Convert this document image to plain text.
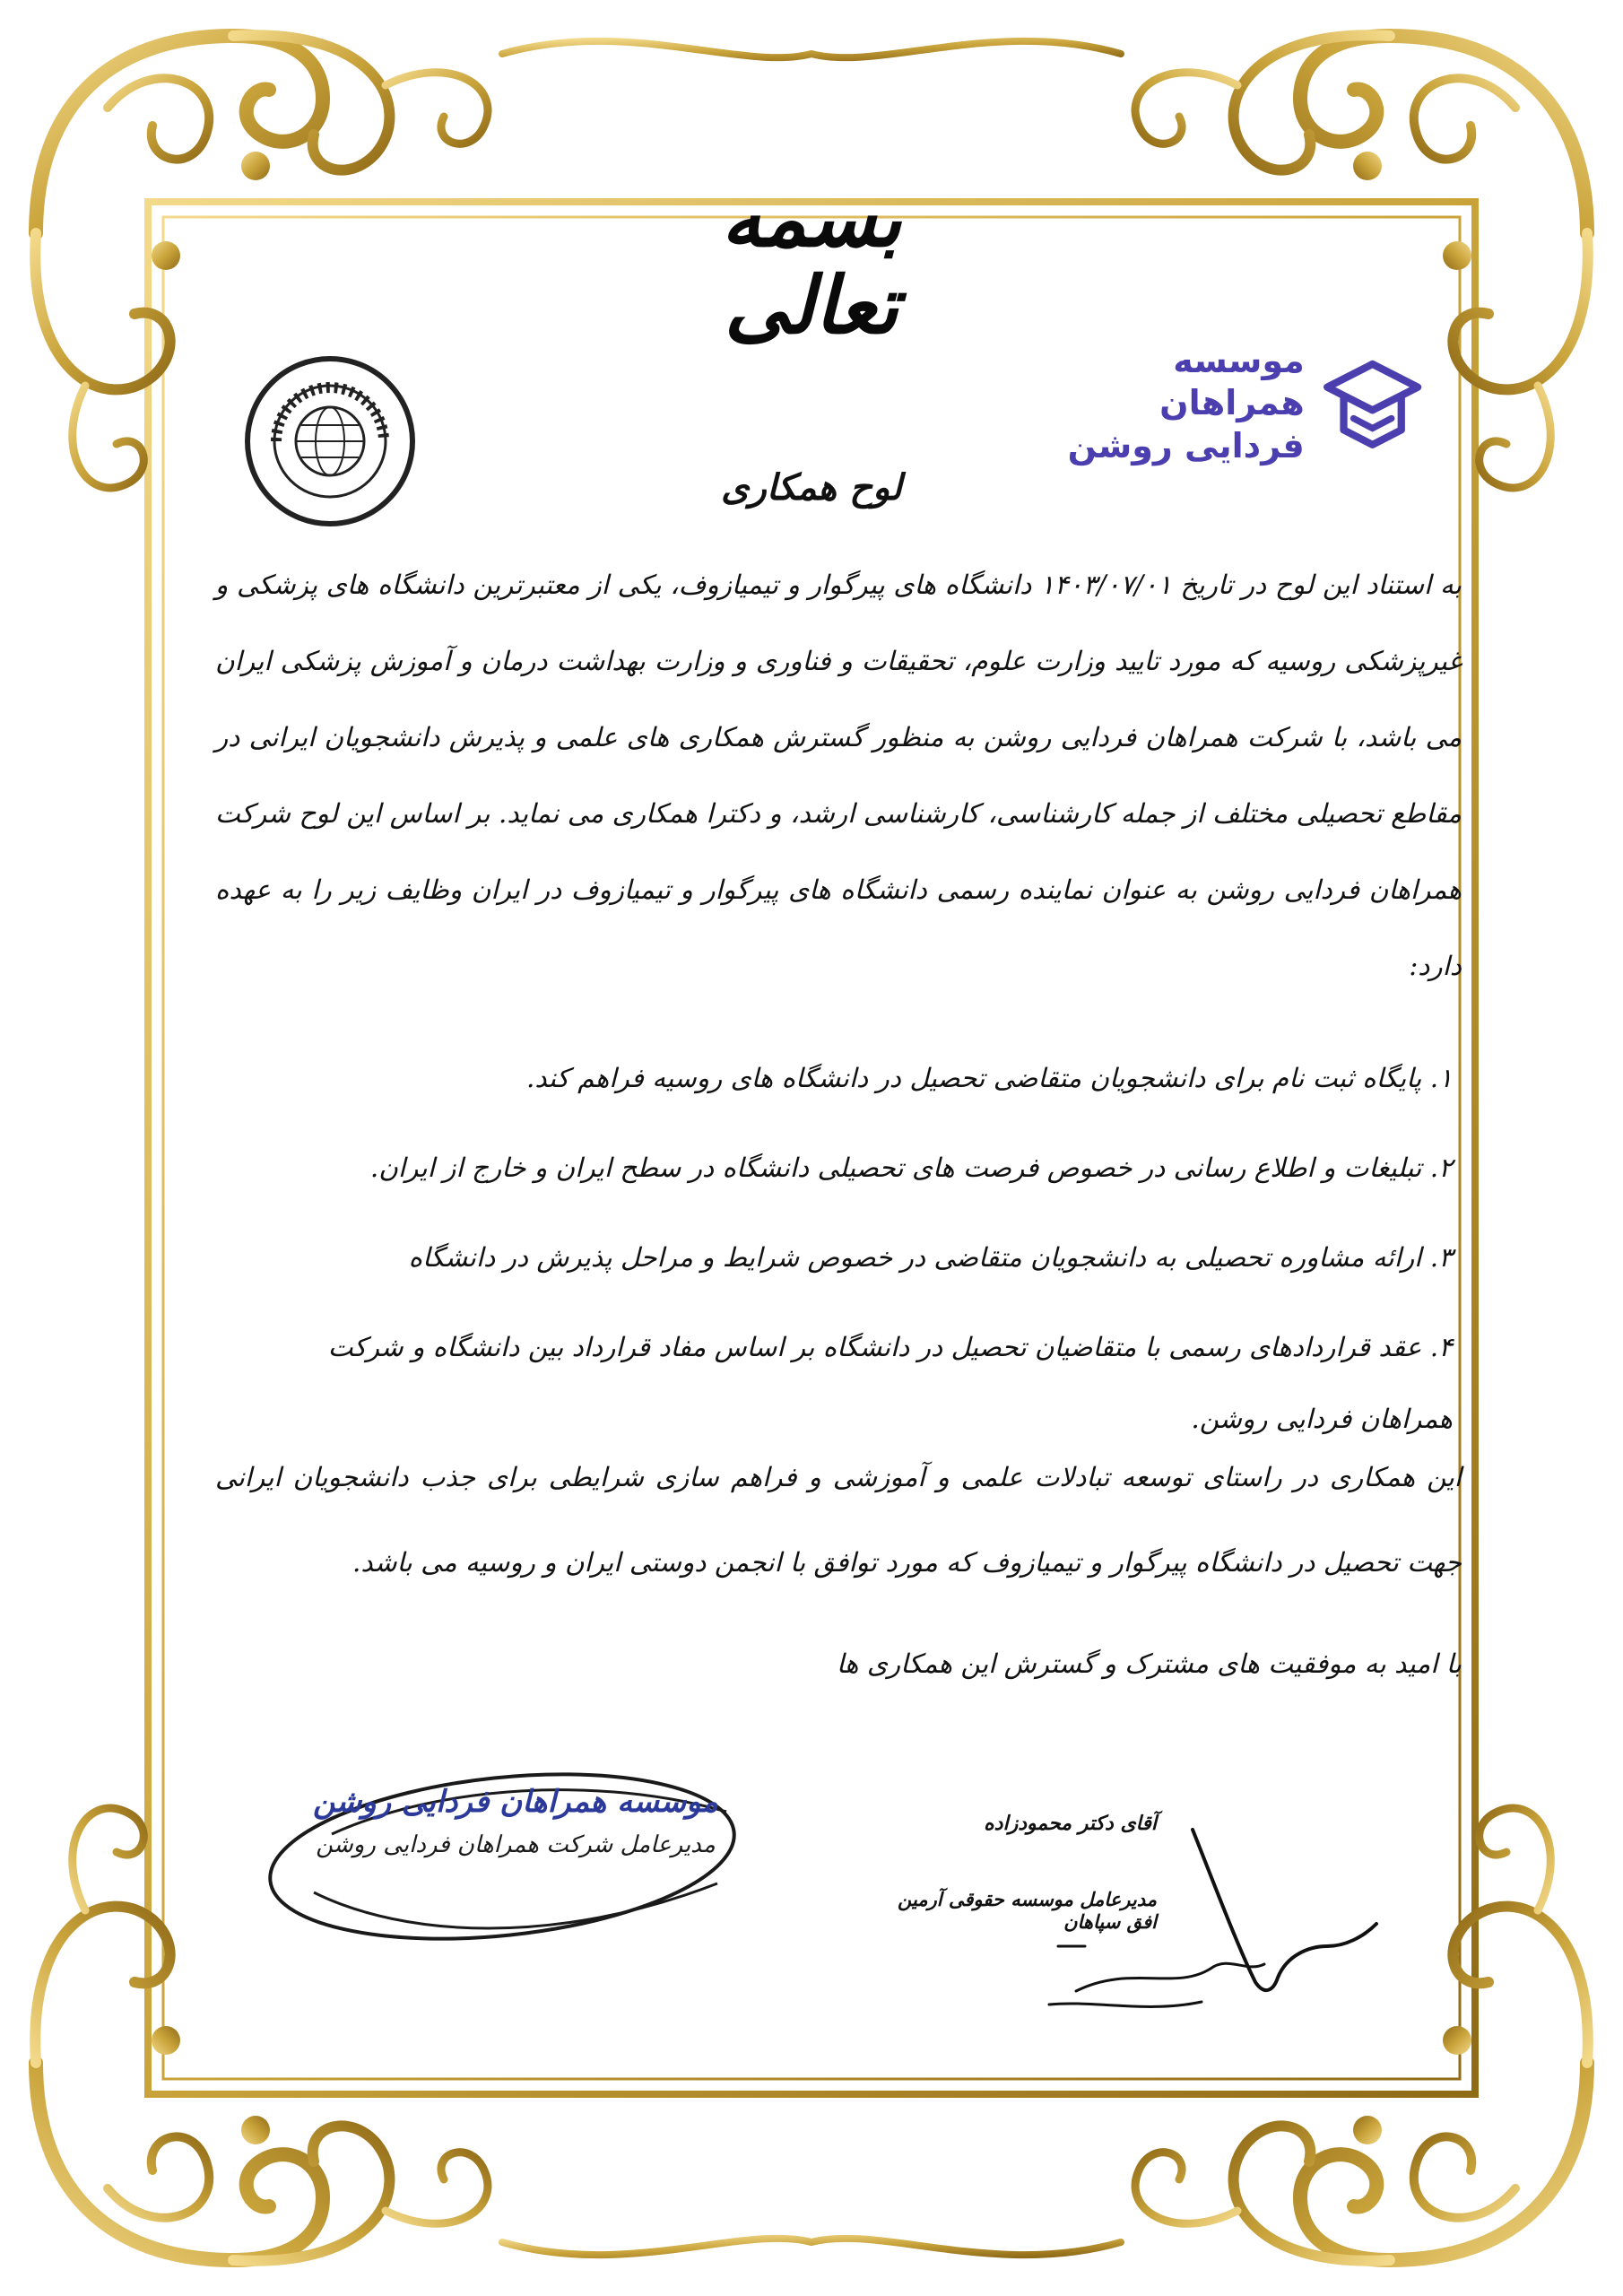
بسمه تعالی
موسسه همراهان
فردایی روشن
لوح همکاری
به استناد این لوح در تاریخ ۱۴۰۳/۰۷/۰۱ دانشگاه های پیرگوار و تیمیازوف، یکی از معتبرترین دانشگاه های پزشکی و غیرپزشکی روسیه که مورد تایید وزارت علوم، تحقیقات و فناوری و وزارت بهداشت درمان و آموزش پزشکی ایران می باشد، با شرکت همراهان فردایی روشن به منظور گسترش همکاری های علمی و پذیرش دانشجویان ایرانی در مقاطع تحصیلی مختلف از جمله کارشناسی، کارشناسی ارشد، و دکترا همکاری می نماید. بر اساس این لوح شرکت همراهان فردایی روشن به عنوان نماینده رسمی دانشگاه های پیرگوار و تیمیازوف در ایران وظایف زیر را به عهده دارد:
۱. پایگاه ثبت نام برای دانشجویان متقاضی تحصیل در دانشگاه های روسیه فراهم کند.
۲. تبلیغات و اطلاع رسانی در خصوص فرصت های تحصیلی دانشگاه در سطح ایران و خارج از ایران.
۳. ارائه مشاوره تحصیلی به دانشجویان متقاضی در خصوص شرایط و مراحل پذیرش در دانشگاه
۴. عقد قراردادهای رسمی با متقاضیان تحصیل در دانشگاه بر اساس مفاد قرارداد بین دانشگاه و شرکت همراهان فردایی روشن.
این همکاری در راستای توسعه تبادلات علمی و آموزشی و فراهم سازی شرایطی برای جذب دانشجویان ایرانی جهت تحصیل در دانشگاه پیرگوار و تیمیازوف که مورد توافق با انجمن دوستی ایران و روسیه می باشد.
با امید به موفقیت های مشترک و گسترش این همکاری ها
موسسه همراهان فردایی روشن
مدیرعامل شرکت همراهان فردایی روشن
آقای دکتر محمودزاده
مدیرعامل موسسه حقوقی آرمین افق سپاهان
